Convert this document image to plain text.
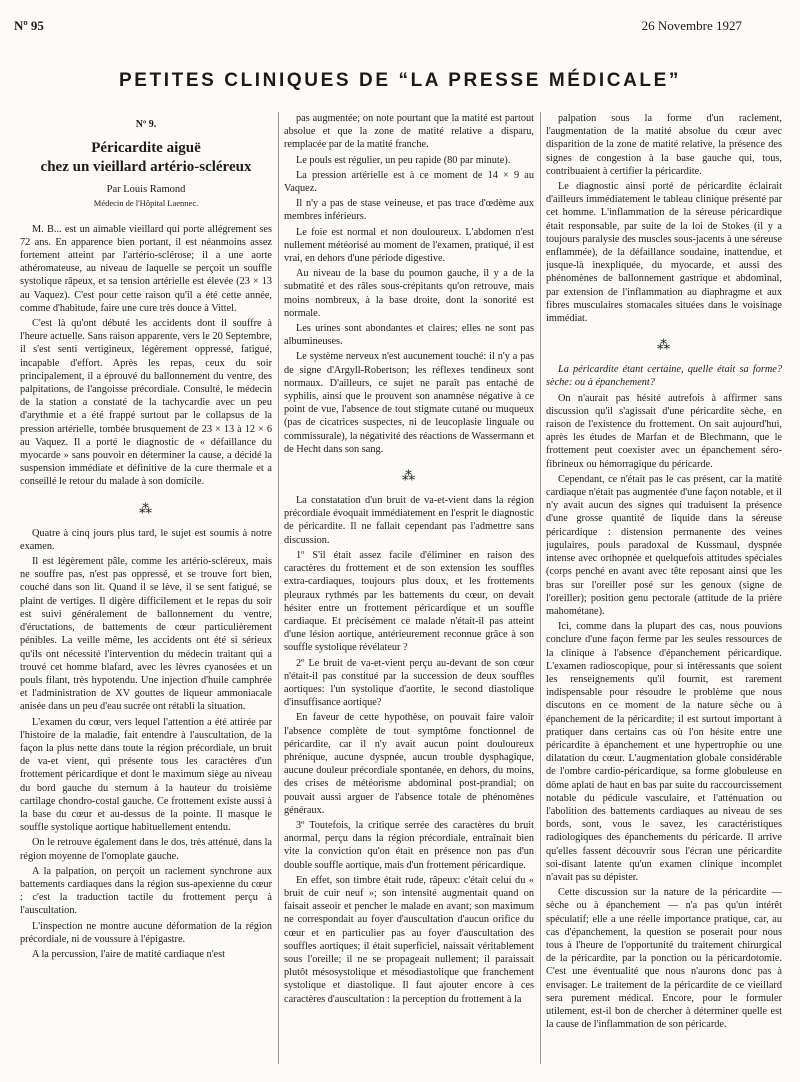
Nº 95	26 Novembre 1927
PETITES CLINIQUES DE “LA PRESSE MÉDICALE”

Nº 9.

Péricardite aiguë
chez un vieillard artério-scléreux

Par Louis Ramond

Médecin de l'Hôpital Laennec.

M. B... est un aimable vieillard qui porte allégrement ses 72 ans. En apparence bien portant, il est néanmoins assez fortement atteint par l'artério-sclérose; il a une aorte athéromateuse, au niveau de laquelle se perçoit un souffle systolique râpeux, et sa tension artérielle est élevée (23 × 13 au Vaquez). C'est pour cette raison qu'il a été cette année, comme d'habitude, faire une cure très douce à Vittel.

C'est là qu'ont débuté les accidents dont il souffre à l'heure actuelle. Sans raison apparente, vers le 20 Septembre, il s'est senti vertigineux, légèrement oppressé, fatigué, incapable d'effort. Après les repas, ceux du soir principalement, il a éprouvé du ballonnement du ventre, des palpitations, de l'angoisse précordiale. Consulté, le médecin de la station a constaté de la tachycardie avec un peu d'arythmie et a été frappé surtout par le collapsus de la pression artérielle, tombée brusquement de 23 × 13 à 12 × 6 au Vaquez. Il a porté le diagnostic de « défaillance du myocarde » sans pouvoir en déterminer la cause, a décidé la suspension immédiate et définitive de la cure thermale et a conseillé le retour du malade à son domicile.

⁂

Quatre à cinq jours plus tard, le sujet est soumis à notre examen.

Il est légèrement pâle, comme les artério-scléreux, mais ne souffre pas, n'est pas oppressé, et se trouve fort bien, couché dans son lit. Quand il se lève, il se sent fatigué, se plaint de vertiges. Il digère difficilement et le repas du soir est suivi généralement de ballonnement du ventre, d'éructations, de battements de cœur particulièrement pénibles. La veille même, les accidents ont été si sérieux qu'ils ont nécessité l'intervention du médecin traitant qui a trouvé cet homme blafard, avec les lèvres cyanosées et un pouls filant, très hypotendu. Une injection d'huile camphrée et l'administration de XV gouttes de liqueur ammoniacale anisée dans un peu d'eau sucrée ont rétabli la situation.

L'examen du cœur, vers lequel l'attention a été attirée par l'histoire de la maladie, fait entendre à l'auscultation, de la façon la plus nette dans toute la région précordiale, un bruit de va-et vient, qui présente tous les caractères d'un frottement péricardique et dont le maximum siège au niveau du bord gauche du sternum à la hauteur du troisième cartilage chondro-costal gauche. Ce frottement existe aussi à la base du cœur et au-dessus de la pointe. Il masque le souffle systolique aortique habituellement entendu.

On le retrouve également dans le dos, très atténué, dans la région moyenne de l'omoplate gauche.

A la palpation, on perçoit un raclement synchrone aux battements cardiaques dans la région sus-apexienne du cœur : c'est la traduction tactile du frottement perçu à l'auscultation.

L'inspection ne montre aucune déformation de la région précordiale, ni de voussure à l'épigastre.

A la percussion, l'aire de matité cardiaque n'est

pas augmentée; on note pourtant que la matité est partout absolue et que la zone de matité relative a disparu, remplacée par de la matité franche.

Le pouls est régulier, un peu rapide (80 par minute).

La pression artérielle est à ce moment de 14 × 9 au Vaquez.

Il n'y a pas de stase veineuse, et pas trace d'œdème aux membres inférieurs.

Le foie est normal et non douloureux. L'abdomen n'est nullement météorisé au moment de l'examen, pratiqué, il est vrai, en dehors d'une période digestive.

Au niveau de la base du poumon gauche, il y a de la submatité et des râles sous-crépitants qu'on retrouve, mais moins nombreux, à la base droite, dont la sonorité est normale.

Les urines sont abondantes et claires; elles ne sont pas albumineuses.

Le système nerveux n'est aucunement touché: il n'y a pas de signe d'Argyll-Robertson; les réflexes tendineux sont normaux. D'ailleurs, ce sujet ne paraît pas entaché de syphilis, ainsi que le prouvent son anamnèse négative à ce point de vue, l'absence de tout stigmate cutané ou muqueux (pas de cicatrices suspectes, ni de leucoplasie linguale ou commissurale), la négativité des réactions de Wassermann et de Hecht dans son sang.

⁂

La constatation d'un bruit de va-et-vient dans la région précordiale évoquait immédiatement en l'esprit le diagnostic de péricardite. Il ne fallait cependant pas l'admettre sans discussion.

1º S'il était assez facile d'éliminer en raison des caractères du frottement et de son extension les souffles extra-cardiaques, toujours plus doux, et les frottements pleuraux rythmés par les battements du cœur, on devait hésiter entre un frottement péricardique et un souffle cardiaque. Et précisément ce malade n'était-il pas atteint d'une lésion aortique, antérieurement reconnue grâce à son souffle systolique révélateur ?

2º Le bruit de va-et-vient perçu au-devant de son cœur n'était-il pas constitué par la succession de deux souffles aortiques: l'un systolique d'aortite, le second diastolique d'insuffisance aortique?

En faveur de cette hypothèse, on pouvait faire valoir l'absence complète de tout symptôme fonctionnel de péricardite, car il n'y avait aucun point douloureux phrénique, aucune dyspnée, aucun trouble dysphagique, aucune douleur précordiale spontanée, en dehors, du moins, des crises de météorisme abdominal post-prandial; on pouvait aussi arguer de l'absence totale de phénomènes généraux.

3º Toutefois, la critique serrée des caractères du bruit anormal, perçu dans la région précordiale, entraînait bien vite la conviction qu'on était en présence non pas d'un double souffle aortique, mais d'un frottement péricardique.

En effet, son timbre était rude, râpeux: c'était celui du « bruit de cuir neuf »; son intensité augmentait quand on faisait asseoir et pencher le malade en avant; son maximum ne correspondait au foyer d'auscultation d'aucun orifice du cœur et en particulier pas au foyer d'auscultation des souffles aortiques; il était superficiel, naissait véritablement sous l'oreille; il ne se propageait nullement; il paraissait plutôt mésosystolique et mésodiastolique que franchement systolique et diastolique. Il faut ajouter encore à ces caractères d'auscultation : la perception du frottement à la

palpation sous la forme d'un raclement, l'augmentation de la matité absolue du cœur avec disparition de la zone de matité relative, la présence des signes de congestion à la base gauche qui, tous, contribuaient à certifier la péricardite.

Le diagnostic ainsi porté de péricardite éclairait d'ailleurs immédiatement le tableau clinique présenté par cet homme. L'inflammation de la séreuse péricardique était responsable, par suite de la loi de Stokes (il y a toujours paralysie des muscles sous-jacents à une séreuse enflammée), de la défaillance soudaine, inattendue, et jusque-là inexpliquée, du myocarde, et aussi des phénomènes de ballonnement gastrique et abdominal, par extension de l'inflammation au diaphragme et aux fibres musculaires stomacales situées dans le voisinage immédiat.

⁂

La péricardite étant certaine, quelle était sa forme? sèche: ou à épanchement?

On n'aurait pas hésité autrefois à affirmer sans discussion qu'il s'agissait d'une péricardite sèche, en raison de l'existence du frottement. On sait aujourd'hui, après les études de Marfan et de Blechmann, que le frottement peut coexister avec un épanchement séro-fibrineux ou hémorragique du péricarde.

Cependant, ce n'était pas le cas présent, car la matité cardiaque n'était pas augmentée d'une façon notable, et il n'y avait aucun des signes qui traduisent la présence d'une grosse quantité de liquide dans la séreuse péricardique : distension permanente des veines jugulaires, pouls paradoxal de Kussmaul, dyspnée intense avec orthopnée et quelquefois attitudes spéciales (corps penché en avant avec tête reposant ainsi que les bras sur l'oreiller posé sur les genoux (signe de l'oreiller); position genu pectorale (attitude de la prière mahométane).

Ici, comme dans la plupart des cas, nous pouvions conclure d'une façon ferme par les seules ressources de la clinique à l'absence d'épanchement péricardique. L'examen radioscopique, pour si intéressants que soient les renseignements qu'il fournit, est rarement indispensable pour résoudre le problème que nous discutons en ce moment de la nature sèche ou à épanchement de la péricardite; il est surtout important à pratiquer dans certains cas où l'on hésite entre une péricardite à épanchement et une hypertrophie ou une dilatation du cœur. L'augmentation globale considérable de l'ombre cardio-péricardique, sa forme globuleuse en dôme aplati de haut en bas par suite du raccourcissement notable du pédicule vasculaire, et l'atténuation ou l'abolition des battements cardiaques au niveau de ses bords, sont, vous le savez, les caractéristiques radiologiques des épanchements du péricarde. Il arrive qu'elles fassent découvrir sous l'écran une péricardite soi-disant latente qu'un examen clinique incomplet n'avait pas su dépister.

Cette discussion sur la nature de la péricardite — sèche ou à épanchement — n'a pas qu'un intérêt spéculatif; elle a une réelle importance pratique, car, au cas d'épanchement, la question se poserait pour nous tous à l'heure de l'opportunité du traitement chirurgical de la péricardite, par la ponction ou la péricardotomie. C'est une éventualité que nous n'aurons donc pas à envisager. Le traitement de la péricardite de ce vieillard sera purement médical. Encore, pour le formuler utilement, est-il bon de chercher à déterminer quelle est la cause de l'inflammation de son péricarde.
